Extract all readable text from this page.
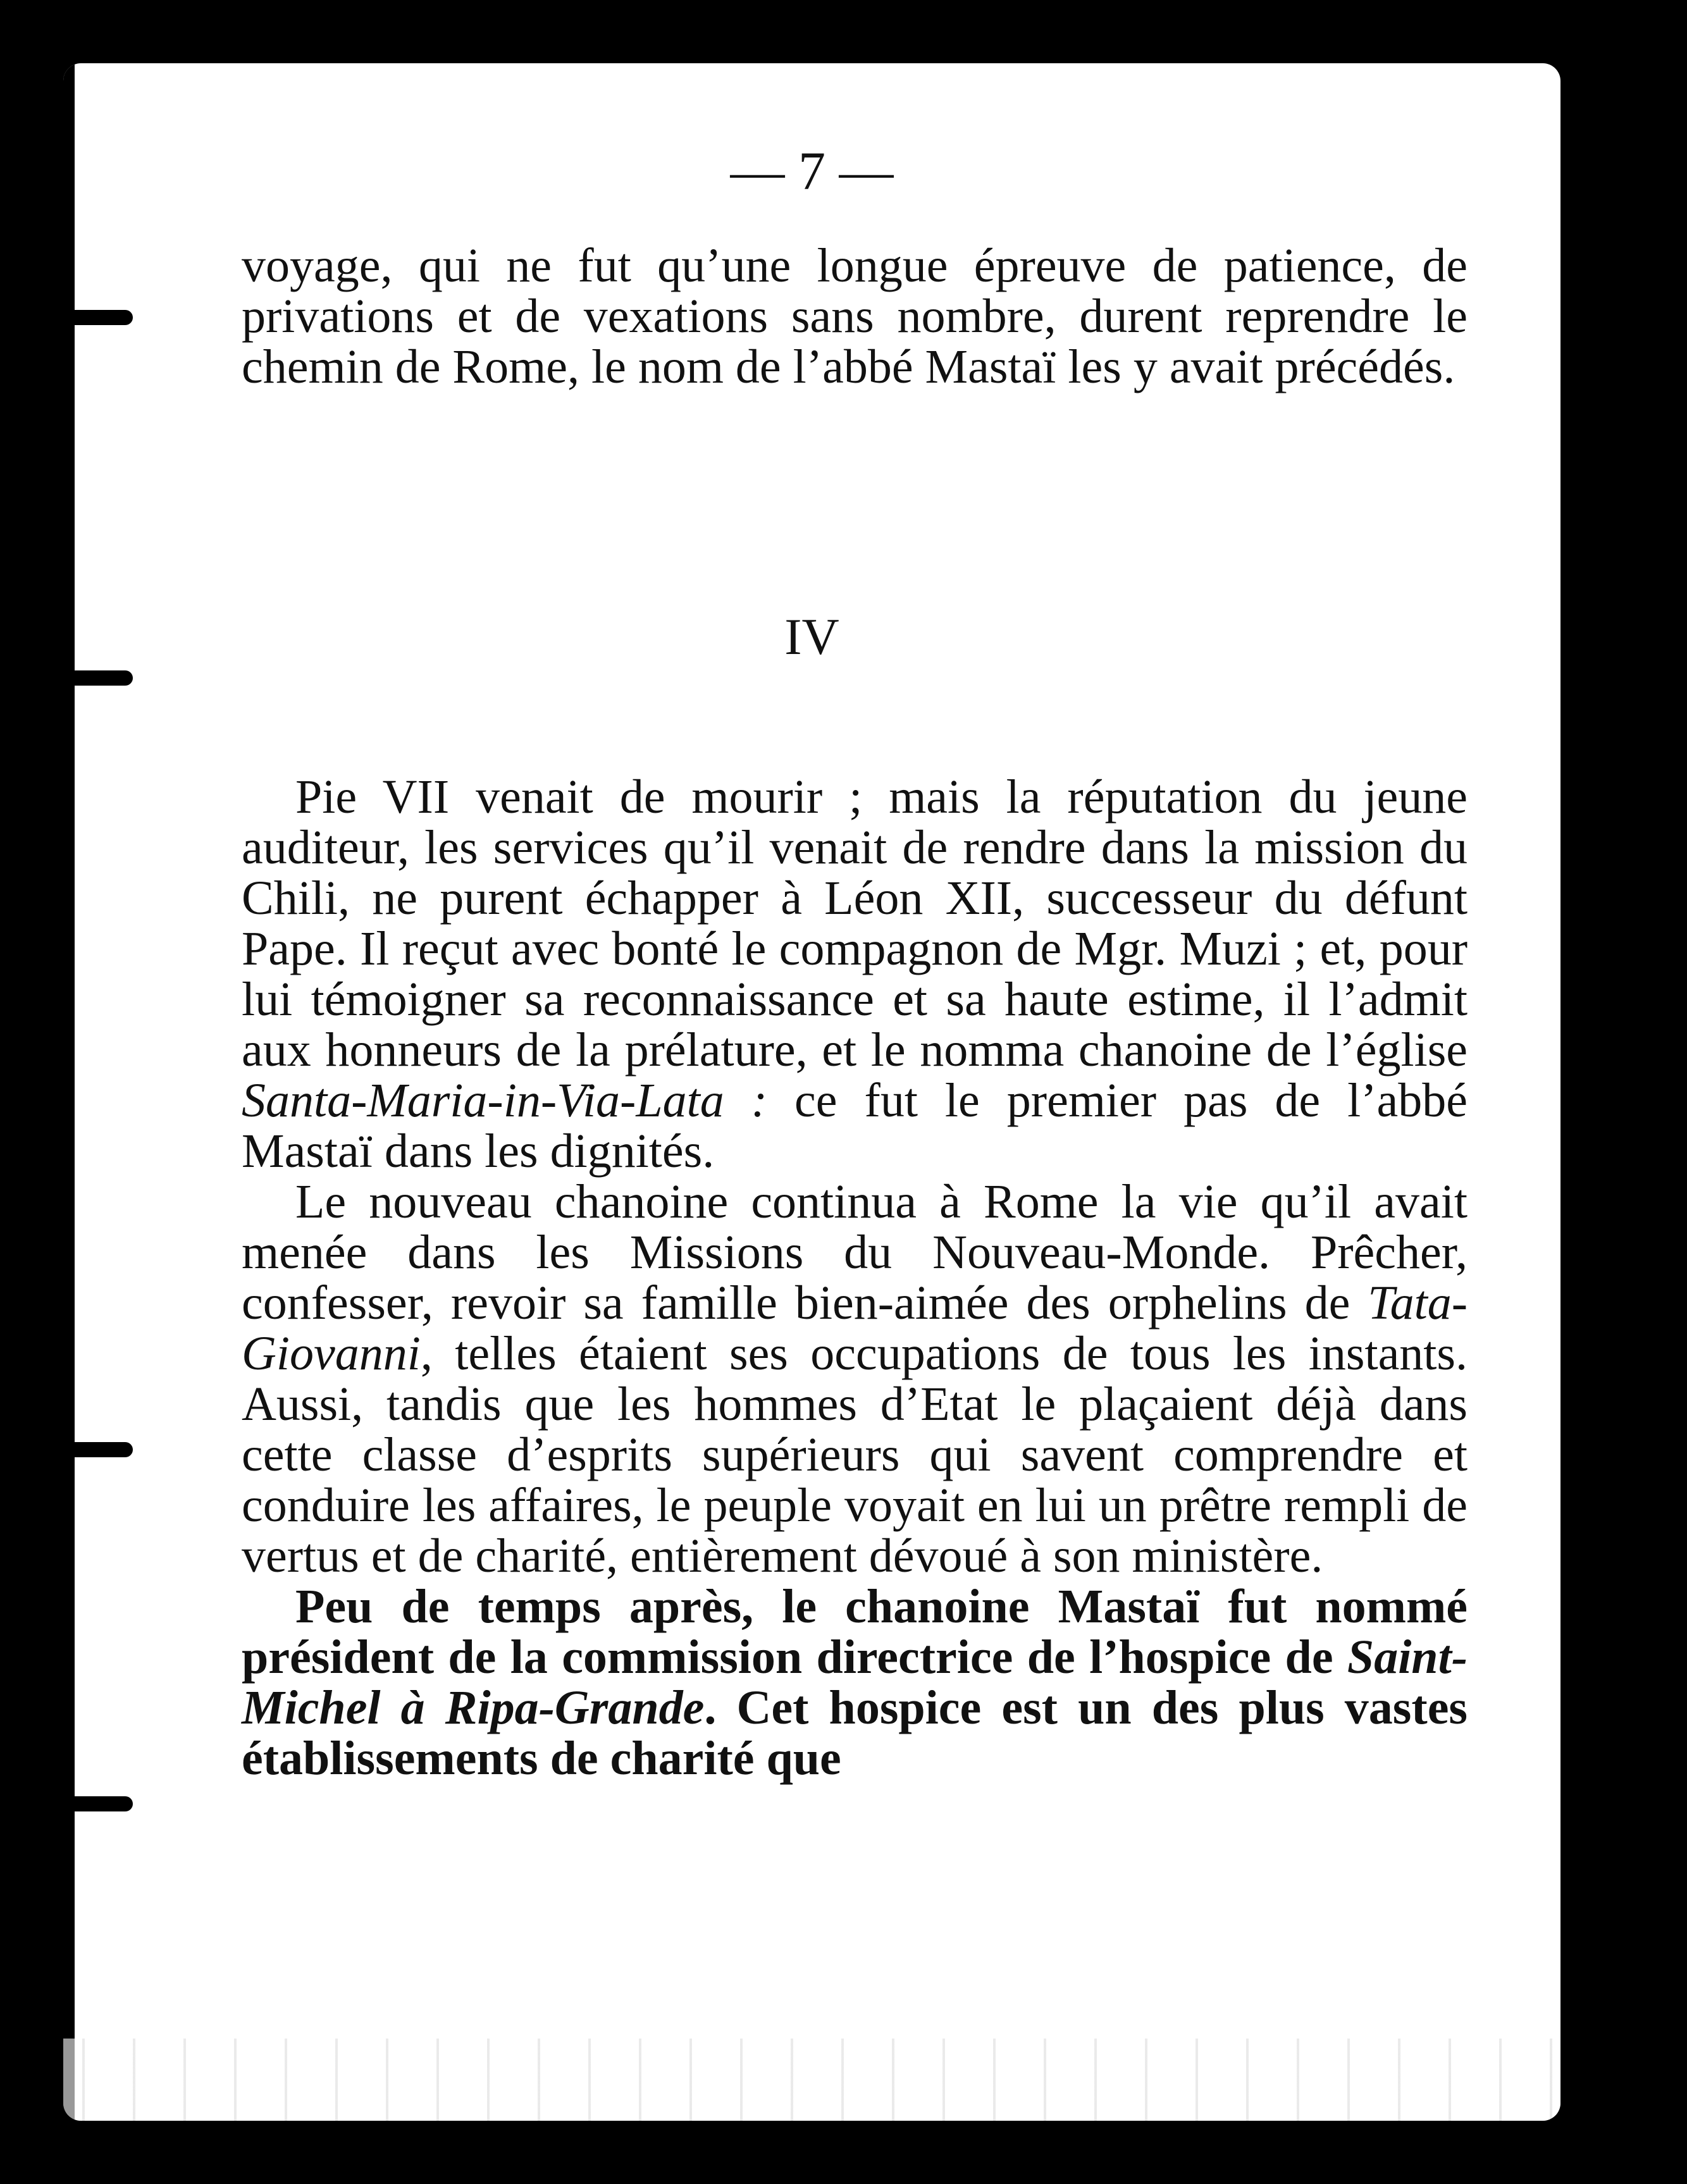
— 7 —

voyage, qui ne fut qu’une longue épreuve de patience, de privations et de vexations sans nombre, durent reprendre le chemin de Rome, le nom de l’abbé Mastaï les y avait précédés.

IV

Pie VII venait de mourir ; mais la réputation du jeune auditeur, les services qu’il venait de rendre dans la mission du Chili, ne purent échapper à Léon XII, successeur du défunt Pape. Il reçut avec bonté le compagnon de Mgr. Muzi ; et, pour lui témoigner sa reconnaissance et sa haute estime, il l’admit aux honneurs de la prélature, et le nomma chanoine de l’église Santa-Maria-in-Via-Lata : ce fut le premier pas de l’abbé Mastaï dans les dignités.

Le nouveau chanoine continua à Rome la vie qu’il avait menée dans les Missions du Nouveau-Monde. Prêcher, confesser, revoir sa famille bien-aimée des orphelins de Tata-Giovanni, telles étaient ses occupations de tous les instants. Aussi, tandis que les hommes d’Etat le plaçaient déjà dans cette classe d’esprits supérieurs qui savent comprendre et conduire les affaires, le peuple voyait en lui un prêtre rempli de vertus et de charité, entièrement dévoué à son ministère.

Peu de temps après, le chanoine Mastaï fut nommé président de la commission directrice de l’hospice de Saint-Michel à Ripa-Grande. Cet hospice est un des plus vastes établissements de charité que
